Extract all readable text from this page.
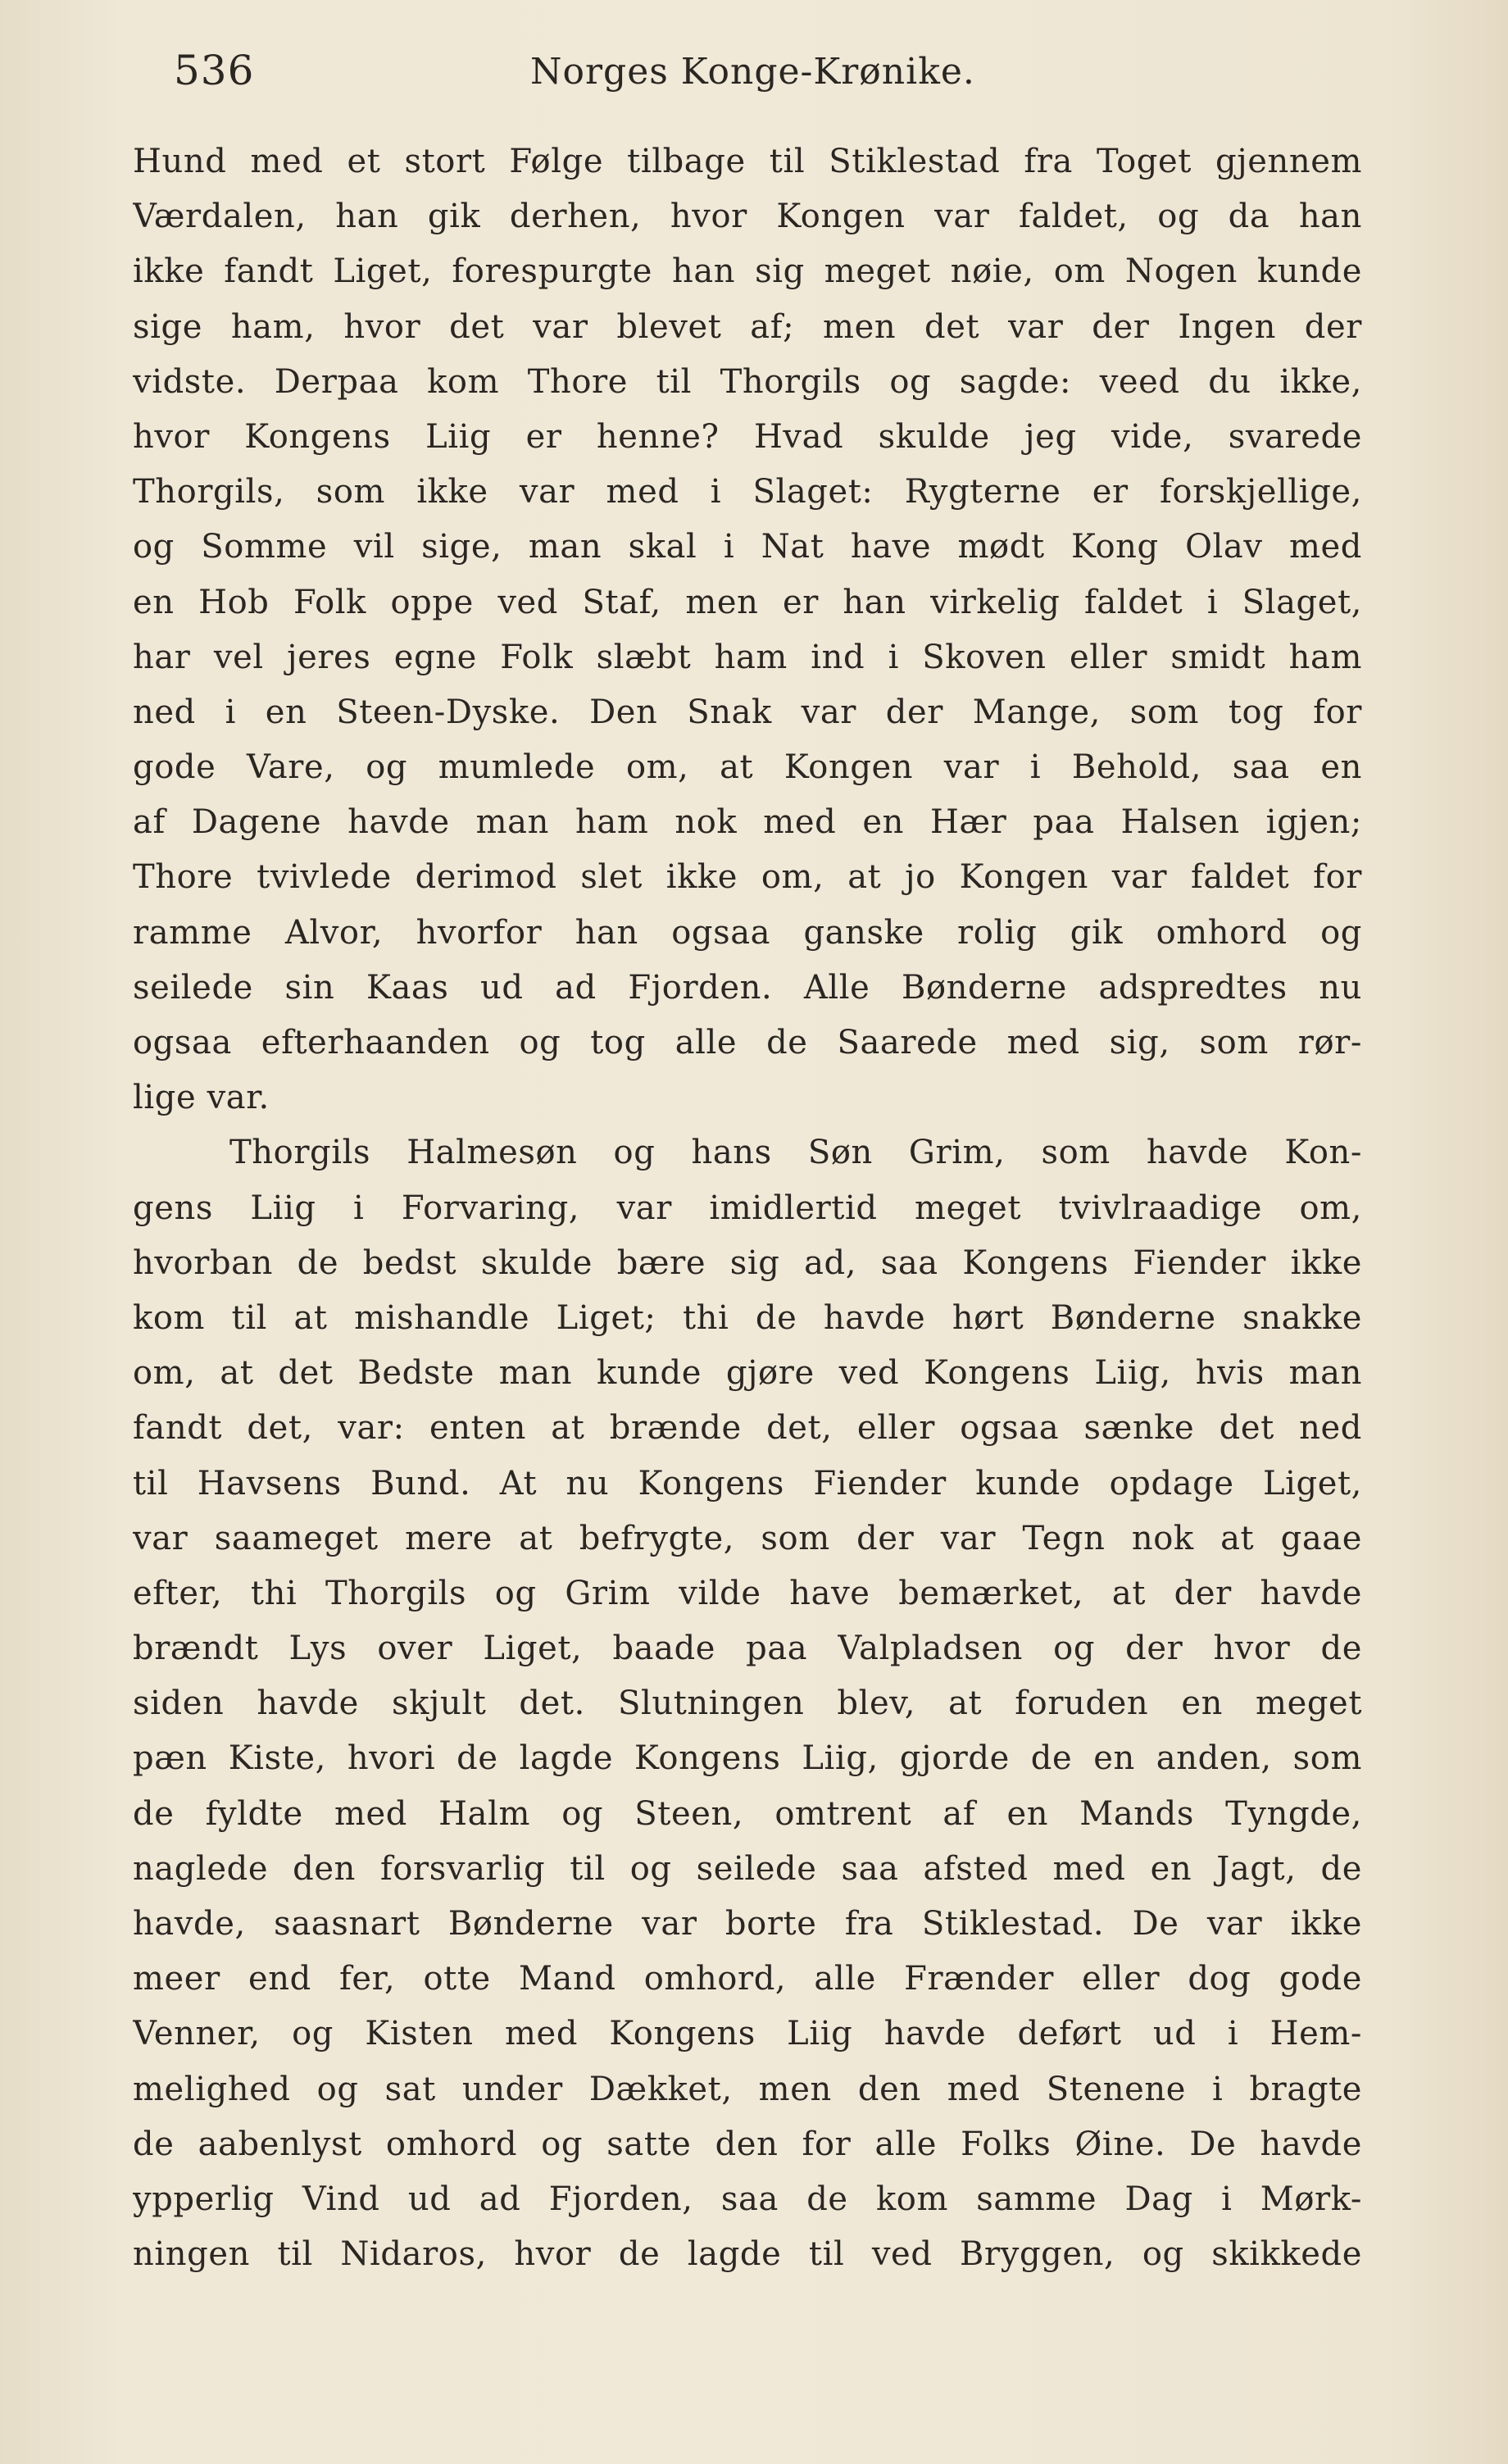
536	Norges Konge-Krønike.
Hund med et stort Følge tilbage til Stiklestad fra Toget gjennem
Værdalen, han gik derhen, hvor Kongen var faldet, og da han
ikke fandt Liget, forespurgte han sig meget nøie, om Nogen kunde
sige ham, hvor det var blevet af; men det var der Ingen der
vidste. Derpaa kom Thore til Thorgils og sagde: veed du ikke,
hvor Kongens Liig er henne? Hvad skulde jeg vide, svarede
Thorgils, som ikke var med i Slaget: Rygterne er forskjellige,
og Somme vil sige, man skal i Nat have mødt Kong Olav med
en Hob Folk oppe ved Staf, men er han virkelig faldet i Slaget,
har vel jeres egne Folk slæbt ham ind i Skoven eller smidt ham
ned i en Steen-Dyske. Den Snak var der Mange, som tog for
gode Vare, og mumlede om, at Kongen var i Behold, saa en
af Dagene havde man ham nok med en Hær paa Halsen igjen;
Thore tvivlede derimod slet ikke om, at jo Kongen var faldet for
ramme Alvor, hvorfor han ogsaa ganske rolig gik omhord og
seilede sin Kaas ud ad Fjorden. Alle Bønderne adspredtes nu
ogsaa efterhaanden og tog alle de Saarede med sig, som rør-
lige var.
Thorgils Halmesøn og hans Søn Grim, som havde Kon-
gens Liig i Forvaring, var imidlertid meget tvivlraadige om,
hvorban de bedst skulde bære sig ad, saa Kongens Fiender ikke
kom til at mishandle Liget; thi de havde hørt Bønderne snakke
om, at det Bedste man kunde gjøre ved Kongens Liig, hvis man
fandt det, var: enten at brænde det, eller ogsaa sænke det ned
til Havsens Bund. At nu Kongens Fiender kunde opdage Liget,
var saameget mere at befrygte, som der var Tegn nok at gaae
efter, thi Thorgils og Grim vilde have bemærket, at der havde
brændt Lys over Liget, baade paa Valpladsen og der hvor de
siden havde skjult det. Slutningen blev, at foruden en meget
pæn Kiste, hvori de lagde Kongens Liig, gjorde de en anden, som
de fyldte med Halm og Steen, omtrent af en Mands Tyngde,
naglede den forsvarlig til og seilede saa afsted med en Jagt, de
havde, saasnart Bønderne var borte fra Stiklestad. De var ikke
meer end fer, otte Mand omhord, alle Frænder eller dog gode
Venner, og Kisten med Kongens Liig havde deført ud i Hem-
melighed og sat under Dækket, men den med Stenene i bragte
de aabenlyst omhord og satte den for alle Folks Øine. De havde
ypperlig Vind ud ad Fjorden, saa de kom samme Dag i Mørk-
ningen til Nidaros, hvor de lagde til ved Bryggen, og skikkede
